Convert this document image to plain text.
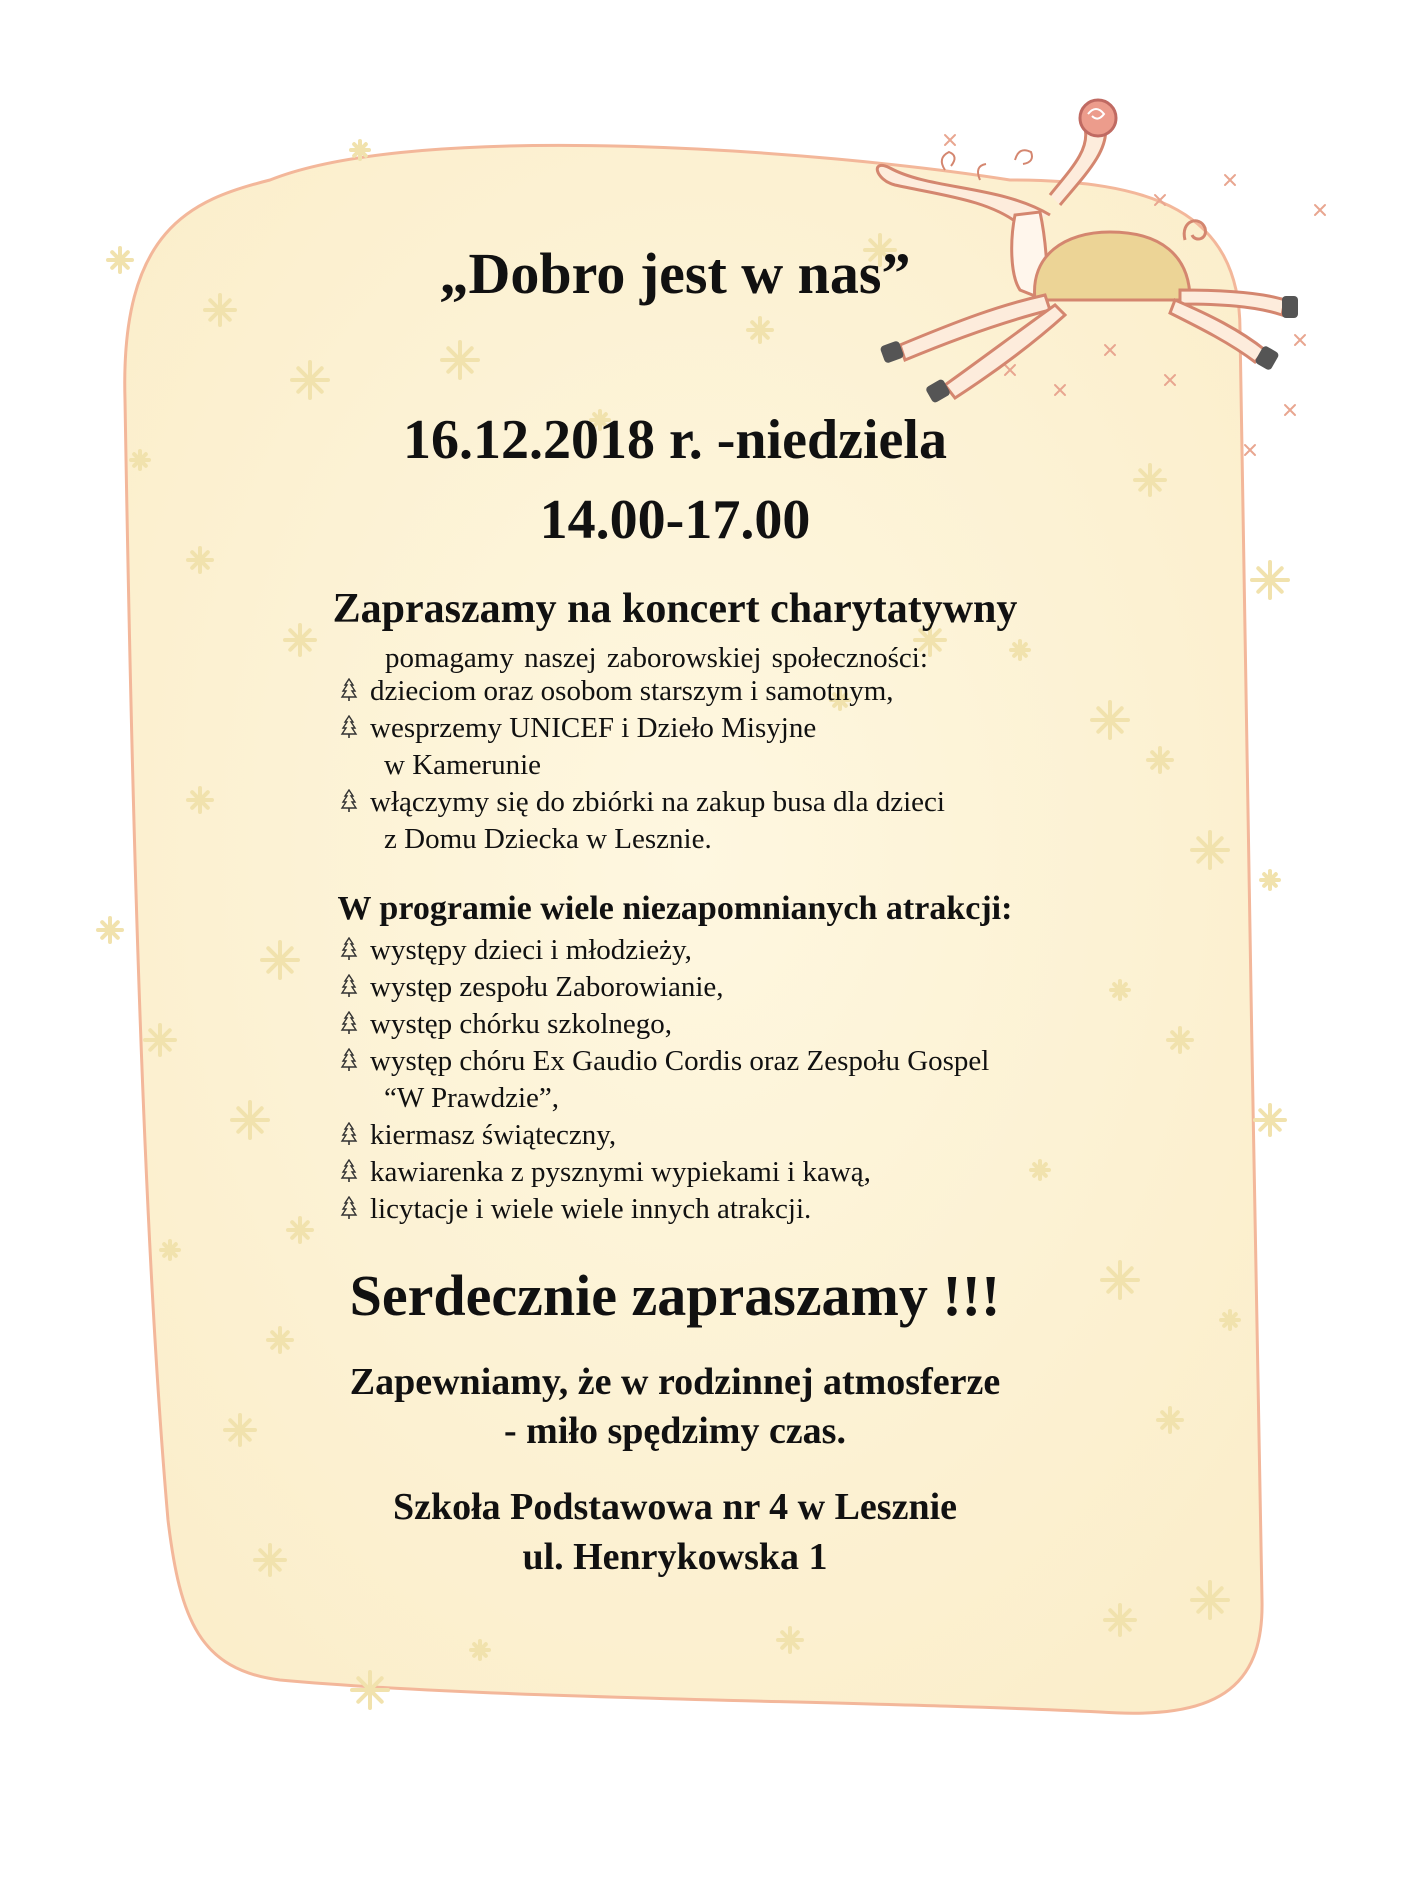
„Dobro jest w nas”
16.12.2018 r. -niedziela
14.00-17.00
Zapraszamy na koncert charytatywny
pomagamy naszej zaborowskiej społeczności:
dzieciom oraz osobom starszym i samotnym,
wesprzemy UNICEF i Dzieło Misyjne
w Kamerunie
włączymy się do zbiórki na zakup busa dla dzieci
z Domu Dziecka w Lesznie.
W programie wiele niezapomnianych atrakcji:
występy dzieci i młodzieży,
występ zespołu Zaborowianie,
występ chórku szkolnego,
występ chóru Ex Gaudio Cordis oraz Zespołu Gospel
“W Prawdzie”,
kiermasz świąteczny,
kawiarenka z pysznymi wypiekami i kawą,
licytacje i wiele wiele innych atrakcji.
Serdecznie zapraszamy !!!
Zapewniamy, że w rodzinnej atmosferze
- miło spędzimy czas.
Szkoła Podstawowa nr 4 w Lesznie
ul. Henrykowska 1
